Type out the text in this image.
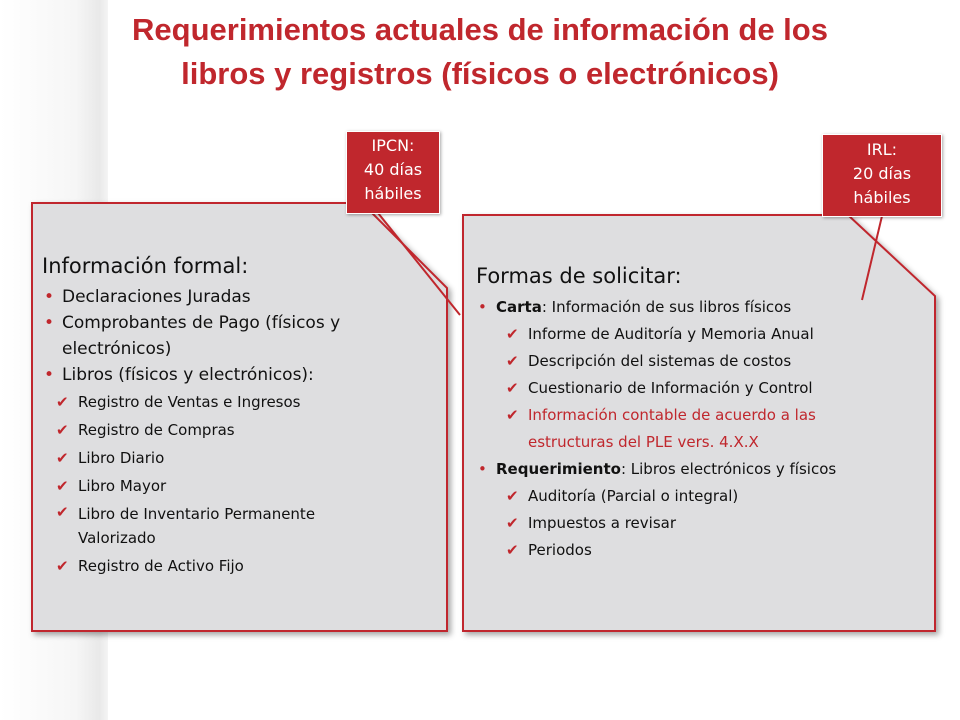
Requerimientos actuales de información de los
libros y registros (físicos o electrónicos)
Información formal:
• Declaraciones Juradas
• Comprobantes de Pago (físicos y electrónicos)
• Libros (físicos y electrónicos):
✔ Registro de Ventas e Ingresos
✔ Registro de Compras
✔ Libro Diario
✔ Libro Mayor
✔ Libro de Inventario Permanente Valorizado
✔ Registro de Activo Fijo
Formas de solicitar:
• Carta: Información de sus libros físicos
✔ Informe de Auditoría y Memoria Anual
✔ Descripción del sistemas de costos
✔ Cuestionario de Información y Control
✔ Información contable de acuerdo a las estructuras del PLE vers. 4.X.X
• Requerimiento: Libros electrónicos y físicos
✔ Auditoría (Parcial o integral)
✔ Impuestos a revisar
✔ Periodos
IPCN:
40 días
hábiles
IRL:
20 días
hábiles
